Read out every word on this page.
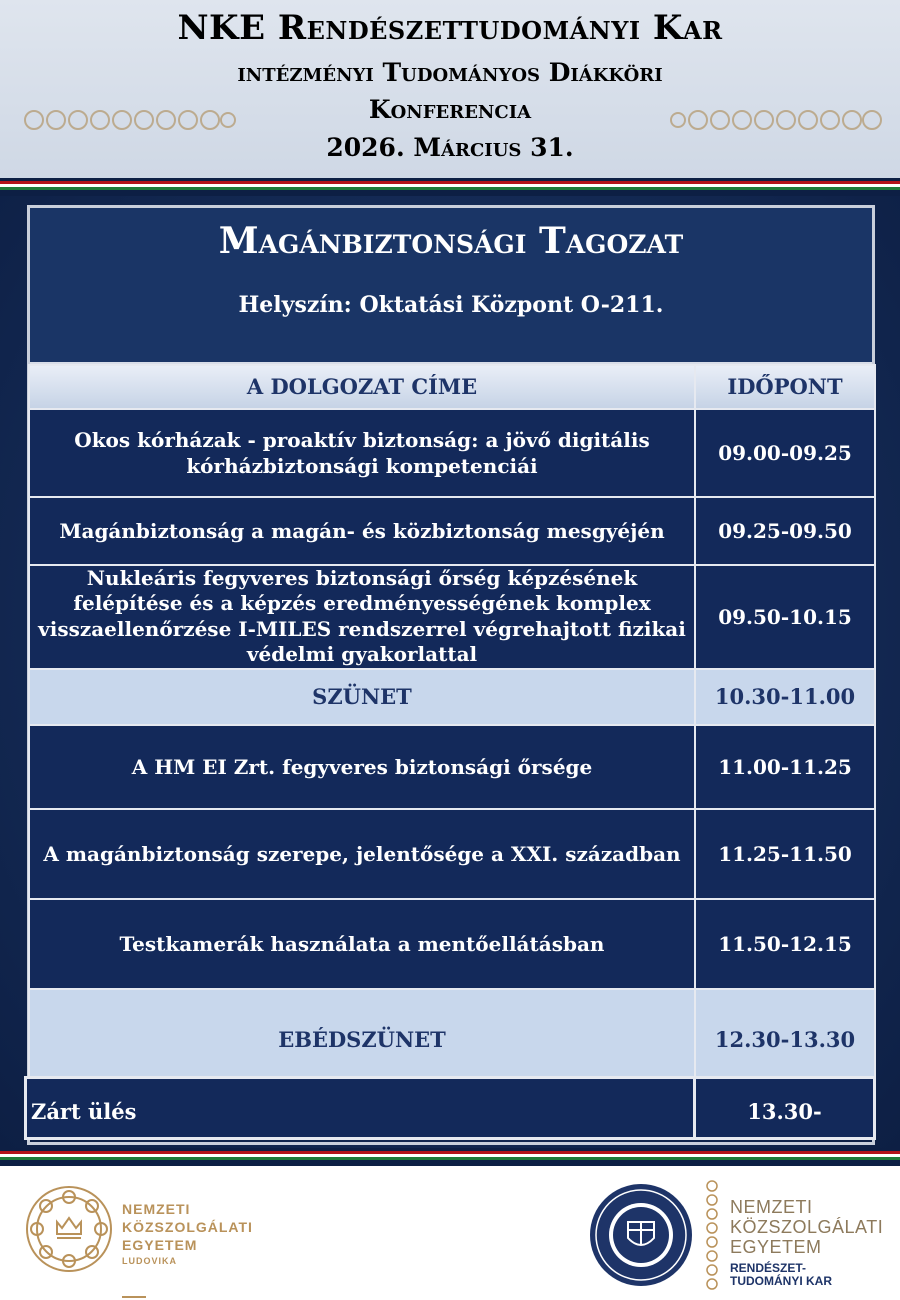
NKE Rendészettudományi Kar
intézményi Tudományos Diákköri
Konferencia
2026. Március 31.
Magánbiztonsági Tagozat
Helyszín: Oktatási Központ O-211.
A DOLGOZAT CÍME	IDŐPONT
Okos kórházak - proaktív biztonság: a jövő digitális kórházbiztonsági kompetenciái	09.00-09.25
Magánbiztonság a magán- és közbiztonság mesgyéjén	09.25-09.50
Nukleáris fegyveres biztonsági őrség képzésének felépítése és a képzés eredményességének komplex visszaellenőrzése I-MILES rendszerrel végrehajtott fizikai védelmi gyakorlattal	09.50-10.15
SZÜNET	10.30-11.00
A HM EI Zrt. fegyveres biztonsági őrsége	11.00-11.25
A magánbiztonság szerepe, jelentősége a XXI. században	11.25-11.50
Testkamerák használata a mentőellátásban	11.50-12.15
EBÉDSZÜNET	12.30-13.30
Zárt ülés	13.30-
NEMZETI
KÖZSZOLGÁLATI
EGYETEM
LUDOVIKA
NEMZETI
KÖZSZOLGÁLATI
EGYETEM
RENDÉSZET-
TUDOMÁNYI KAR
